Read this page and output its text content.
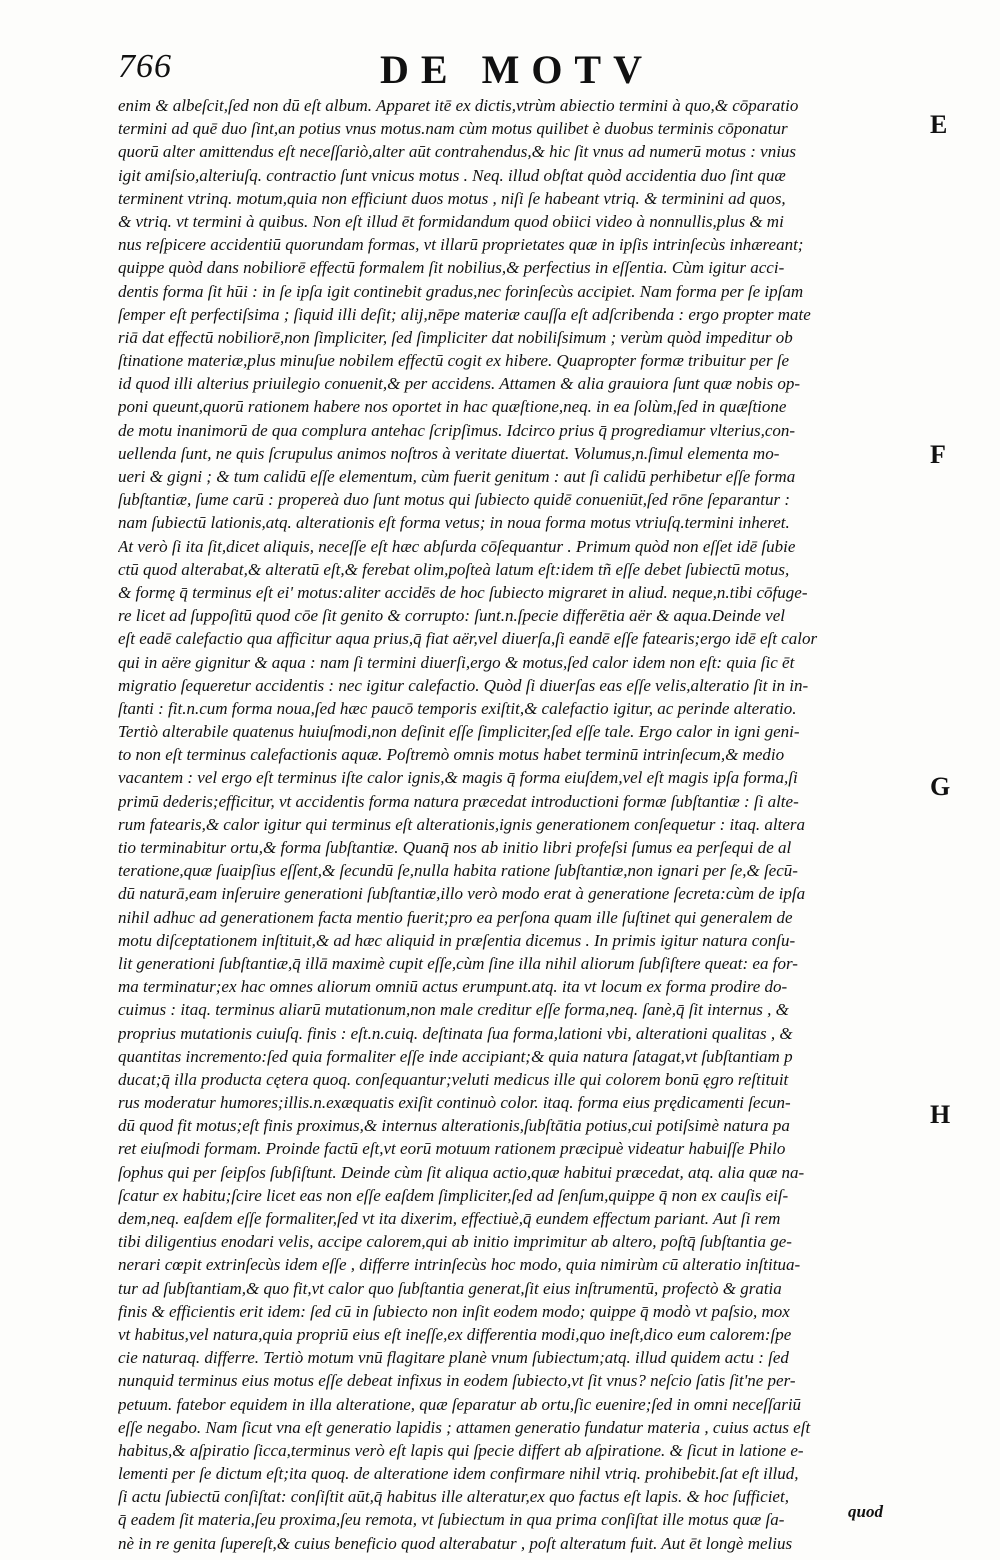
766	DE MOTV
enim & albeſcit,ſed non dū eſt album. Apparet itē ex dictis,vtrùm abiectio termini à quo,& cōparatio
termini ad quē duo ſint,an potius vnus motus.nam cùm motus quilibet è duobus terminis cōponatur
quorū alter amittendus eſt neceſſariò,alter aūt contrahendus,& hic ſit vnus ad numerū motus : vnius
igit amiſsio,alteriuſq. contractio ſunt vnicus motus . Neq. illud obſtat quòd accidentia duo ſint quæ
terminent vtrinq. motum,quia non efficiunt duos motus , niſi ſe habeant vtriq. & terminini ad quos,
& vtriq. vt termini à quibus. Non eſt illud ēt formidandum quod obiici video à nonnullis,plus & mi
nus reſpicere accidentiū quorundam formas, vt illarū proprietates quæ in ipſis intrinſecùs inhæreant;
quippe quòd dans nobiliorē effectū formalem ſit nobilius,& perfectius in eſſentia. Cùm igitur acci-
dentis forma ſit hūi : in ſe ipſa igit continebit gradus,nec forinſecùs accipiet. Nam forma per ſe ipſam
ſemper eſt perfectiſsima ; ſiquid illi deſit; alij,nēpe materiæ cauſſa eſt adſcribenda : ergo propter mate
riā dat effectū nobiliorē,non ſimpliciter, ſed ſimpliciter dat nobiliſsimum ; verùm quòd impeditur ob
ſtinatione materiæ,plus minuſue nobilem effectū cogit ex hibere. Quapropter formæ tribuitur per ſe
id quod illi alterius priuilegio conuenit,& per accidens. Attamen & alia grauiora ſunt quæ nobis op-
poni queunt,quorū rationem habere nos oportet in hac quæſtione,neq. in ea ſolùm,ſed in quæſtione
de motu inanimorū de qua complura antehac ſcripſimus. Idcirco prius q̄ progrediamur vlterius,con-
uellenda ſunt, ne quis ſcrupulus animos noſtros à veritate diuertat. Volumus,n.ſimul elementa mo-
ueri & gigni ; & tum calidū eſſe elementum, cùm fuerit genitum : aut ſi calidū perhibetur eſſe forma
ſubſtantiæ, ſume carū : propereà duo ſunt motus qui ſubiecto quidē conueniūt,ſed rōne ſeparantur :
nam ſubiectū lationis,atq. alterationis eſt forma vetus; in noua forma motus vtriuſq.termini inheret.
At verò ſi ita ſit,dicet aliquis, neceſſe eſt hæc abſurda cōſequantur . Primum quòd non eſſet idē ſubie
ctū quod alterabat,& alteratū eſt,& ferebat olim,poſteà latum eſt:idem tñ eſſe debet ſubiectū motus,
& formę q̄ terminus eſt ei' motus:aliter accidēs de hoc ſubiecto migraret in aliud. neque,n.tibi cōfuge-
re licet ad ſuppoſitū quod cōe ſit genito & corrupto: ſunt.n.ſpecie differētia aër & aqua.Deinde vel
eſt eadē calefactio qua afficitur aqua prius,q̄ fiat aër,vel diuerſa,ſi eandē eſſe fatearis;ergo idē eſt calor
qui in aëre gignitur & aqua : nam ſi termini diuerſi,ergo & motus,ſed calor idem non eſt: quia ſic ēt
migratio ſequeretur accidentis : nec igitur calefactio. Quòd ſi diuerſas eas eſſe velis,alteratio ſit in in-
ſtanti : fit.n.cum forma noua,ſed hæc paucō temporis exiſtit,& calefactio igitur, ac perinde alteratio.
Tertiò alterabile quatenus huiuſmodi,non deſinit eſſe ſimpliciter,ſed eſſe tale. Ergo calor in igni geni-
to non eſt terminus calefactionis aquæ. Poſtremò omnis motus habet terminū intrinſecum,& medio
vacantem : vel ergo eſt terminus iſte calor ignis,& magis q̄ forma eiuſdem,vel eſt magis ipſa forma,ſi
primū dederis;efficitur, vt accidentis forma natura præcedat introductioni formæ ſubſtantiæ : ſi alte-
rum fatearis,& calor igitur qui terminus eſt alterationis,ignis generationem conſequetur : itaq. altera
tio terminabitur ortu,& forma ſubſtantiæ. Quanq̄ nos ab initio libri profeſsi ſumus ea perſequi de al
teratione,quæ ſuaipſius eſſent,& ſecundū ſe,nulla habita ratione ſubſtantiæ,non ignari per ſe,& ſecū-
dū naturā,eam inſeruire generationi ſubſtantiæ,illo verò modo erat à generatione ſecreta:cùm de ipſa
nihil adhuc ad generationem facta mentio fuerit;pro ea perſona quam ille ſuſtinet qui generalem de
motu diſceptationem inſtituit,& ad hæc aliquid in præſentia dicemus . In primis igitur natura conſu-
lit generationi ſubſtantiæ,q̄ illā maximè cupit eſſe,cùm ſine illa nihil aliorum ſubſiſtere queat: ea for-
ma terminatur;ex hac omnes aliorum omniū actus erumpunt.atq. ita vt locum ex forma prodire do-
cuimus : itaq. terminus aliarū mutationum,non male creditur eſſe forma,neq. ſanè,q̄ ſit internus , &
proprius mutationis cuiuſq. finis : eſt.n.cuiq. deſtinata ſua forma,lationi vbi, alterationi qualitas , &
quantitas incremento:ſed quia formaliter eſſe inde accipiant;& quia natura ſatagat,vt ſubſtantiam p
ducat;q̄ illa producta cętera quoq. conſequantur;veluti medicus ille qui colorem bonū ęgro reſtituit
rus moderatur humores;illis.n.exæquatis exiſit continuò color. itaq. forma eius prędicamenti ſecun-
dū quod fit motus;eſt finis proximus,& internus alterationis,ſubſtātia potius,cui potiſsimè natura pa
ret eiuſmodi formam. Proinde factū eſt,vt eorū motuum rationem præcipuè videatur habuiſſe Philo
ſophus qui per ſeipſos ſubſiſtunt. Deinde cùm ſit aliqua actio,quæ habitui præcedat, atq. alia quæ na-
ſcatur ex habitu;ſcire licet eas non eſſe eaſdem ſimpliciter,ſed ad ſenſum,quippe q̄ non ex cauſis eiſ-
dem,neq. eaſdem eſſe formaliter,ſed vt ita dixerim, effectiuè,q̄ eundem effectum pariant. Aut ſi rem
tibi diligentius enodari velis, accipe calorem,qui ab initio imprimitur ab altero, poſtq̄ ſubſtantia ge-
nerari cœpit extrinſecùs idem eſſe , differre intrinſecùs hoc modo, quia nimirùm cū alteratio inſtitua-
tur ad ſubſtantiam,& quo fit,vt calor quo ſubſtantia generat,ſit eius inſtrumentū, profectò & gratia
finis & efficientis erit idem: ſed cū in ſubiecto non inſit eodem modo; quippe q̄ modò vt paſsio, mox
vt habitus,vel natura,quia propriū eius eſt ineſſe,ex differentia modi,quo ineſt,dico eum calorem:ſpe
cie naturaq. differre. Tertiò motum vnū flagitare planè vnum ſubiectum;atq. illud quidem actu : ſed
nunquid terminus eius motus eſſe debeat infixus in eodem ſubiecto,vt ſit vnus? neſcio ſatis ſit'ne per-
petuum. fatebor equidem in illa alteratione, quæ ſeparatur ab ortu,ſic euenire;ſed in omni neceſſariū
eſſe negabo. Nam ſicut vna eſt generatio lapidis ; attamen generatio fundatur materia , cuius actus eſt
habitus,& aſpiratio ſicca,terminus verò eſt lapis qui ſpecie differt ab aſpiratione. & ſicut in latione e-
lementi per ſe dictum eſt;ita quoq. de alteratione idem confirmare nihil vtriq. prohibebit.ſat eſt illud,
ſi actu ſubiectū conſiſtat: conſiſtit aūt,q̄ habitus ille alteratur,ex quo factus eſt lapis. & hoc ſufficiet,
q̄ eadem ſit materia,ſeu proxima,ſeu remota, vt ſubiectum in qua prima conſiſtat ille motus quæ ſa-
nè in re genita ſupereſt,& cuius beneficio quod alterabatur , poſt alteratum fuit. Aut ēt longè melius
quod
E
F
G
H
